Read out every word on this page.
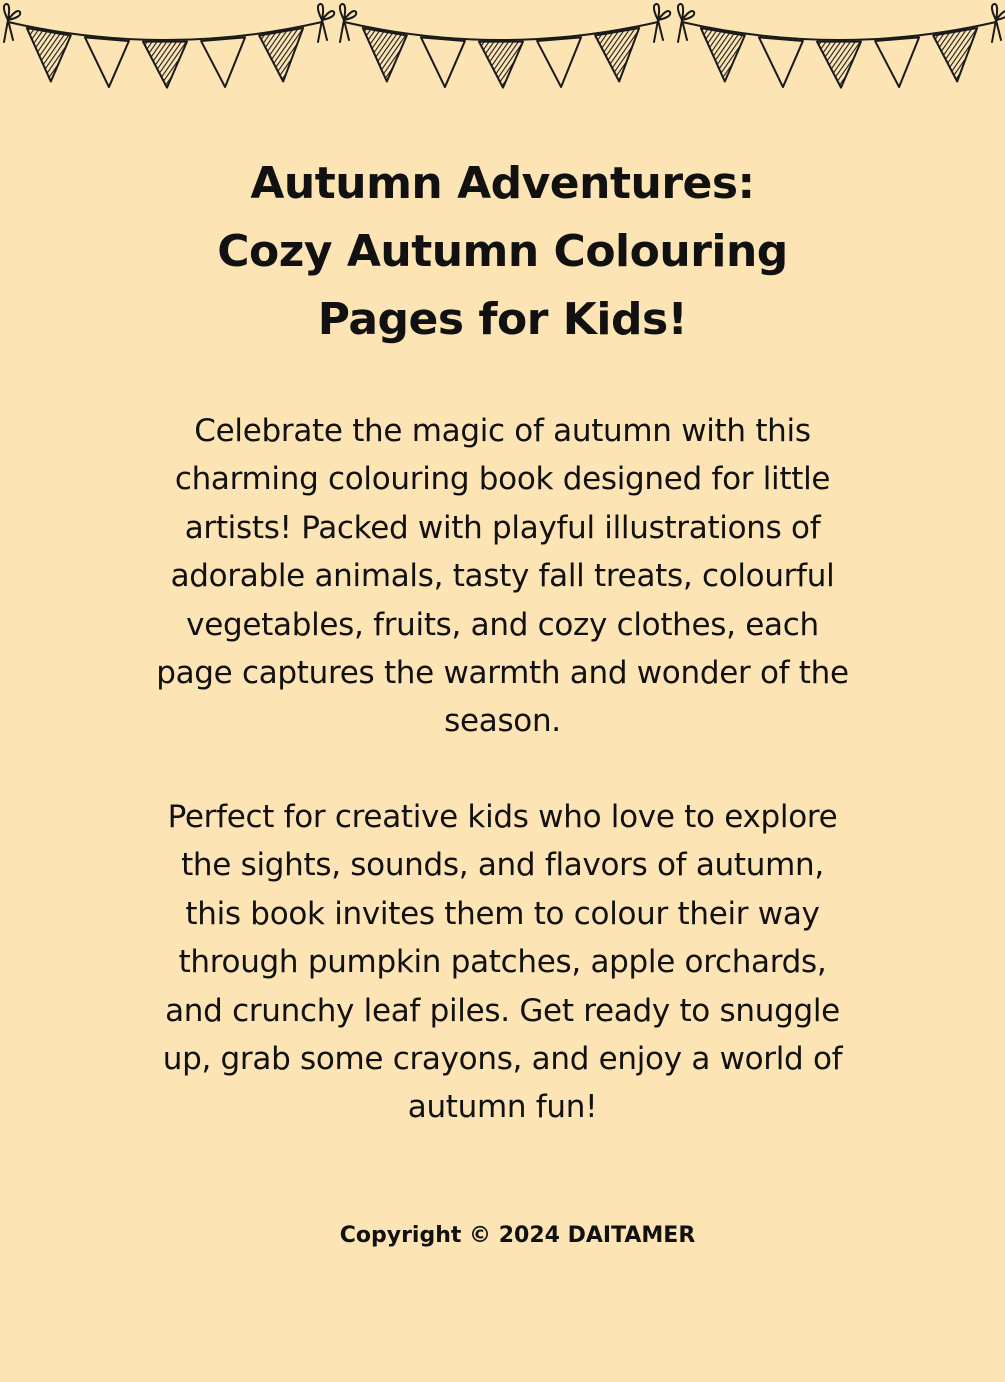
Autumn Adventures:
Cozy Autumn Colouring
Pages for Kids!

Celebrate the magic of autumn with this
charming colouring book designed for little
artists! Packed with playful illustrations of
adorable animals, tasty fall treats, colourful
vegetables, fruits, and cozy clothes, each
page captures the warmth and wonder of the
season.

Perfect for creative kids who love to explore
the sights, sounds, and flavors of autumn,
this book invites them to colour their way
through pumpkin patches, apple orchards,
and crunchy leaf piles. Get ready to snuggle
up, grab some crayons, and enjoy a world of
autumn fun!

Copyright © 2024 DAITAMER
